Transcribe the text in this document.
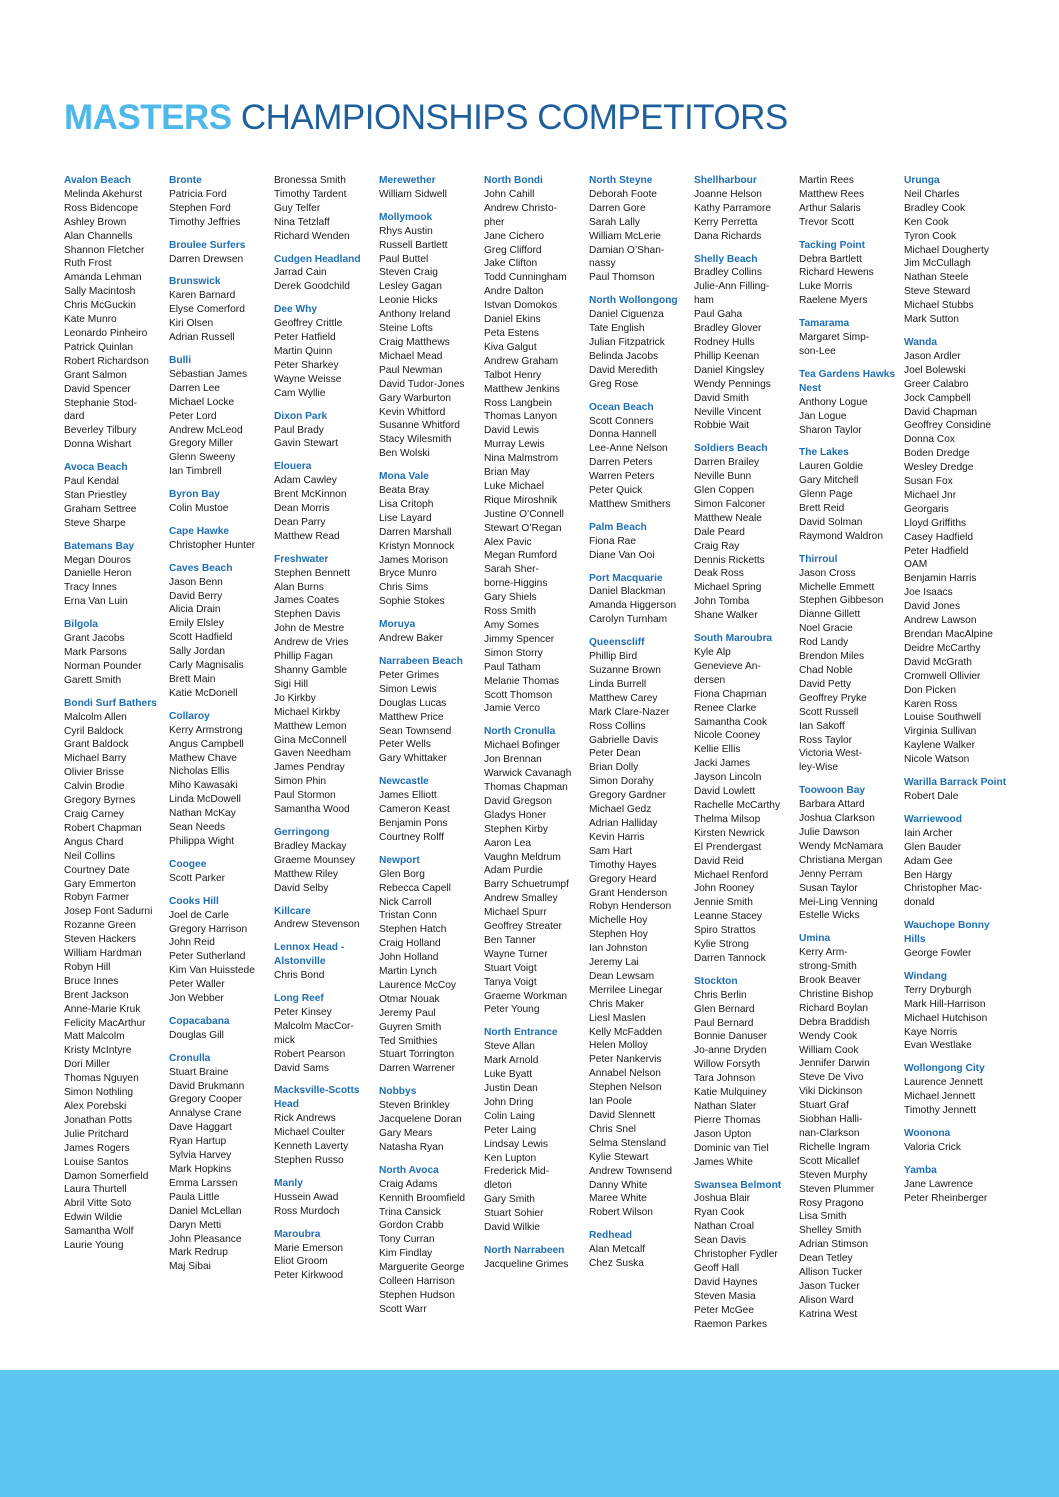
MASTERS CHAMPIONSHIPS COMPETITORS
Avalon Beach
Melinda Akehurst
Ross Bidencope
Ashley Brown
Alan Channells
Shannon Fletcher
Ruth Frost
Amanda Lehman
Sally Macintosh
Chris McGuckin
Kate Munro
Leonardo Pinheiro
Patrick Quinlan
Robert Richardson
Grant Salmon
David Spencer
Stephanie Stod-
dard
Beverley Tilbury
Donna Wishart
Avoca Beach
Paul Kendal
Stan Priestley
Graham Settree
Steve Sharpe
Batemans Bay
Megan Douros
Danielle Heron
Tracy Innes
Erna Van Luin
Bilgola
Grant Jacobs
Mark Parsons
Norman Pounder
Garett Smith
Bondi Surf Bathers
Malcolm Allen
Cyril Baldock
Grant Baldock
Michael Barry
Olivier Brisse
Calvin Brodie
Gregory Byrnes
Craig Carney
Robert Chapman
Angus Chard
Neil Collins
Courtney Date
Gary Emmerton
Robyn Farmer
Josep Font Sadurni
Rozanne Green
Steven Hackers
William Hardman
Robyn Hill
Bruce Innes
Brent Jackson
Anne-Marie Kruk
Felicity MacArthur
Matt Malcolm
Kristy McIntyre
Dori Miller
Thomas Nguyen
Simon Nothling
Alex Porebski
Jonathan Potts
Julie Pritchard
James Rogers
Louise Santos
Damon Somerfield
Laura Thurtell
Abril Vitte Soto
Edwin Wildie
Samantha Wolf
Laurie Young
Bronte
Patricia Ford
Stephen Ford
Timothy Jeffries
Broulee Surfers
Darren Drewsen
Brunswick
Karen Barnard
Elyse Comerford
Kiri Olsen
Adrian Russell
Bulli
Sebastian James
Darren Lee
Michael Locke
Peter Lord
Andrew McLeod
Gregory Miller
Glenn Sweeny
Ian Timbrell
Byron Bay
Colin Mustoe
Cape Hawke
Christopher Hunter
Caves Beach
Jason Benn
David Berry
Alicia Drain
Emily Elsley
Scott Hadfield
Sally Jordan
Carly Magnisalis
Brett Main
Katie McDonell
Collaroy
Kerry Armstrong
Angus Campbell
Mathew Chave
Nicholas Ellis
Miho Kawasaki
Linda McDowell
Nathan McKay
Sean Needs
Philippa Wight
Coogee
Scott Parker
Cooks Hill
Joel de Carle
Gregory Harrison
John Reid
Peter Sutherland
Kim Van Huisstede
Peter Waller
Jon Webber
Copacabana
Douglas Gill
Cronulla
Stuart Braine
David Brukmann
Gregory Cooper
Annalyse Crane
Dave Haggart
Ryan Hartup
Sylvia Harvey
Mark Hopkins
Emma Larssen
Paula Little
Daniel McLellan
Daryn Metti
John Pleasance
Mark Redrup
Maj Sibai
Bronessa Smith
Timothy Tardent
Guy Telfer
Nina Tetzlaff
Richard Wenden
Cudgen Headland
Jarrad Cain
Derek Goodchild
Dee Why
Geoffrey Crittle
Peter Hatfield
Martin Quinn
Peter Sharkey
Wayne Weisse
Cam Wyllie
Dixon Park
Paul Brady
Gavin Stewart
Elouera
Adam Cawley
Brent McKinnon
Dean Morris
Dean Parry
Matthew Read
Freshwater
Stephen Bennett
Alan Burns
James Coates
Stephen Davis
John de Mestre
Andrew de Vries
Phillip Fagan
Shanny Gamble
Sigi Hill
Jo Kirkby
Michael Kirkby
Matthew Lemon
Gina McConnell
Gaven Needham
James Pendray
Simon Phin
Paul Stormon
Samantha Wood
Gerringong
Bradley Mackay
Graeme Mounsey
Matthew Riley
David Selby
Killcare
Andrew Stevenson
Lennox Head - Alstonville
Chris Bond
Long Reef
Peter Kinsey
Malcolm MacCor-
mick
Robert Pearson
David Sams
Macksville-Scotts Head
Rick Andrews
Michael Coulter
Kenneth Laverty
Stephen Russo
Manly
Hussein Awad
Ross Murdoch
Maroubra
Marie Emerson
Eliot Groom
Peter Kirkwood
Merewether
William Sidwell
Mollymook
Rhys Austin
Russell Bartlett
Paul Buttel
Steven Craig
Lesley Gagan
Leonie Hicks
Anthony Ireland
Steine Lofts
Craig Matthews
Michael Mead
Paul Newman
David Tudor-Jones
Gary Warburton
Kevin Whitford
Susanne Whitford
Stacy Wilesmith
Ben Wolski
Mona Vale
Beata Bray
Lisa Critoph
Lise Layard
Darren Marshall
Kristyn Monnock
James Morison
Bryce Munro
Chris Sims
Sophie Stokes
Moruya
Andrew Baker
Narrabeen Beach
Peter Grimes
Simon Lewis
Douglas Lucas
Matthew Price
Sean Townsend
Peter Wells
Gary Whittaker
Newcastle
James Elliott
Cameron Keast
Benjamin Pons
Courtney Rolff
Newport
Glen Borg
Rebecca Capell
Nick Carroll
Tristan Conn
Stephen Hatch
Craig Holland
John Holland
Martin Lynch
Laurence McCoy
Otmar Nouak
Jeremy Paul
Guyren Smith
Ted Smithies
Stuart Torrington
Darren Warrener
Nobbys
Steven Brinkley
Jacquelene Doran
Gary Mears
Natasha Ryan
North Avoca
Craig Adams
Kennith Broomfield
Trina Cansick
Gordon Crabb
Tony Curran
Kim Findlay
Marguerite George
Colleen Harrison
Stephen Hudson
Scott Warr
North Bondi
John Cahill
Andrew Christo-
pher
Jane Cichero
Greg Clifford
Jake Clifton
Todd Cunningham
Andre Dalton
Istvan Domokos
Daniel Ekins
Peta Estens
Kiva Galgut
Andrew Graham
Talbot Henry
Matthew Jenkins
Ross Langbein
Thomas Lanyon
David Lewis
Murray Lewis
Nina Malmstrom
Brian May
Luke Michael
Rique Miroshnik
Justine O’Connell
Stewart O’Regan
Alex Pavic
Megan Rumford
Sarah Sher-
borne-Higgins
Gary Shiels
Ross Smith
Amy Somes
Jimmy Spencer
Simon Storry
Paul Tatham
Melanie Thomas
Scott Thomson
Jamie Verco
North Cronulla
Michael Bofinger
Jon Brennan
Warwick Cavanagh
Thomas Chapman
David Gregson
Gladys Honer
Stephen Kirby
Aaron Lea
Vaughn Meldrum
Adam Purdie
Barry Schuetrumpf
Andrew Smalley
Michael Spurr
Geoffrey Streater
Ben Tanner
Wayne Turner
Stuart Voigt
Tanya Voigt
Graeme Workman
Peter Young
North Entrance
Steve Allan
Mark Arnold
Luke Byatt
Justin Dean
John Dring
Colin Laing
Peter Laing
Lindsay Lewis
Ken Lupton
Frederick Mid-
dleton
Gary Smith
Stuart Sohier
David Wilkie
North Narrabeen
Jacqueline Grimes
North Steyne
Deborah Foote
Darren Gore
Sarah Lally
William McLerie
Damian O’Shan-
nassy
Paul Thomson
North Wollongong
Daniel Ciguenza
Tate English
Julian Fitzpatrick
Belinda Jacobs
David Meredith
Greg Rose
Ocean Beach
Scott Conners
Donna Hannell
Lee-Anne Nelson
Darren Peters
Warren Peters
Peter Quick
Matthew Smithers
Palm Beach
Fiona Rae
Diane Van Ooi
Port Macquarie
Daniel Blackman
Amanda Higgerson
Carolyn Turnham
Queenscliff
Phillip Bird
Suzanne Brown
Linda Burrell
Matthew Carey
Mark Clare-Nazer
Ross Collins
Gabrielle Davis
Peter Dean
Brian Dolly
Simon Dorahy
Gregory Gardner
Michael Gedz
Adrian Halliday
Kevin Harris
Sam Hart
Timothy Hayes
Gregory Heard
Grant Henderson
Robyn Henderson
Michelle Hoy
Stephen Hoy
Ian Johnston
Jeremy Lai
Dean Lewsam
Merrilee Linegar
Chris Maker
Liesl Maslen
Kelly McFadden
Helen Molloy
Peter Nankervis
Annabel Nelson
Stephen Nelson
Ian Poole
David Slennett
Chris Snel
Selma Stensland
Kylie Stewart
Andrew Townsend
Danny White
Maree White
Robert Wilson
Redhead
Alan Metcalf
Chez Suska
Shellharbour
Joanne Helson
Kathy Parramore
Kerry Perretta
Dana Richards
Shelly Beach
Bradley Collins
Julie-Ann Filling-
ham
Paul Gaha
Bradley Glover
Rodney Hulls
Phillip Keenan
Daniel Kingsley
Wendy Pennings
David Smith
Neville Vincent
Robbie Wait
Soldiers Beach
Darren Brailey
Neville Bunn
Glen Coppen
Simon Falconer
Matthew Neale
Dale Peard
Craig Ray
Dennis Ricketts
Deak Ross
Michael Spring
John Tomba
Shane Walker
South Maroubra
Kyle Alp
Genevieve An-
dersen
Fiona Chapman
Renee Clarke
Samantha Cook
Nicole Cooney
Kellie Ellis
Jacki James
Jayson Lincoln
David Lowlett
Rachelle McCarthy
Thelma Milsop
Kirsten Newrick
El Prendergast
David Reid
Michael Renford
John Rooney
Jennie Smith
Leanne Stacey
Spiro Strattos
Kylie Strong
Darren Tannock
Stockton
Chris Berlin
Glen Bernard
Paul Bernard
Bonnie Danuser
Jo-anne Dryden
Willow Forsyth
Tara Johnson
Katie Mulquiney
Nathan Slater
Pierre Thomas
Jason Upton
Dominic van Tiel
James White
Swansea Belmont
Joshua Blair
Ryan Cook
Nathan Croal
Sean Davis
Christopher Fydler
Geoff Hall
David Haynes
Steven Masia
Peter McGee
Raemon Parkes
Martin Rees
Matthew Rees
Arthur Salaris
Trevor Scott
Tacking Point
Debra Bartlett
Richard Hewens
Luke Morris
Raelene Myers
Tamarama
Margaret Simp-
son-Lee
Tea Gardens Hawks Nest
Anthony Logue
Jan Logue
Sharon Taylor
The Lakes
Lauren Goldie
Gary Mitchell
Glenn Page
Brett Reid
David Solman
Raymond Waldron
Thirroul
Jason Cross
Michelle Emmett
Stephen Gibbeson
Dianne Gillett
Noel Gracie
Rod Landy
Brendon Miles
Chad Noble
David Petty
Geoffrey Pryke
Scott Russell
Ian Sakoff
Ross Taylor
Victoria West-
ley-Wise
Toowoon Bay
Barbara Attard
Joshua Clarkson
Julie Dawson
Wendy McNamara
Christiana Mergan
Jenny Perram
Susan Taylor
Mei-Ling Venning
Estelle Wicks
Umina
Kerry Arm-
strong-Smith
Brook Beaver
Christine Bishop
Richard Boylan
Debra Braddish
Wendy Cook
William Cook
Jennifer Darwin
Steve De Vivo
Viki Dickinson
Stuart Graf
Siobhan Halli-
nan-Clarkson
Richelle Ingram
Scott Micallef
Steven Murphy
Steven Plummer
Rosy Pragono
Lisa Smith
Shelley Smith
Adrian Stimson
Dean Tetley
Allison Tucker
Jason Tucker
Alison Ward
Katrina West
Urunga
Neil Charles
Bradley Cook
Ken Cook
Tyron Cook
Michael Dougherty
Jim McCullagh
Nathan Steele
Steve Steward
Michael Stubbs
Mark Sutton
Wanda
Jason Ardler
Joel Bolewski
Greer Calabro
Jock Campbell
David Chapman
Geoffrey Considine
Donna Cox
Boden Dredge
Wesley Dredge
Susan Fox
Michael Jnr
Georgaris
Lloyd Griffiths
Casey Hadfield
Peter Hadfield
OAM
Benjamin Harris
Joe Isaacs
David Jones
Andrew Lawson
Brendan MacAlpine
Deidre McCarthy
David McGrath
Cromwell Ollivier
Don Picken
Karen Ross
Louise Southwell
Virginia Sullivan
Kaylene Walker
Nicole Watson
Warilla Barrack Point
Robert Dale
Warriewood
Iain Archer
Glen Bauder
Adam Gee
Ben Hargy
Christopher Mac-
donald
Wauchope Bonny Hills
George Fowler
Windang
Terry Dryburgh
Mark Hill-Harrison
Michael Hutchison
Kaye Norris
Evan Westlake
Wollongong City
Laurence Jennett
Michael Jennett
Timothy Jennett
Woonona
Valoria Crick
Yamba
Jane Lawrence
Peter Rheinberger
